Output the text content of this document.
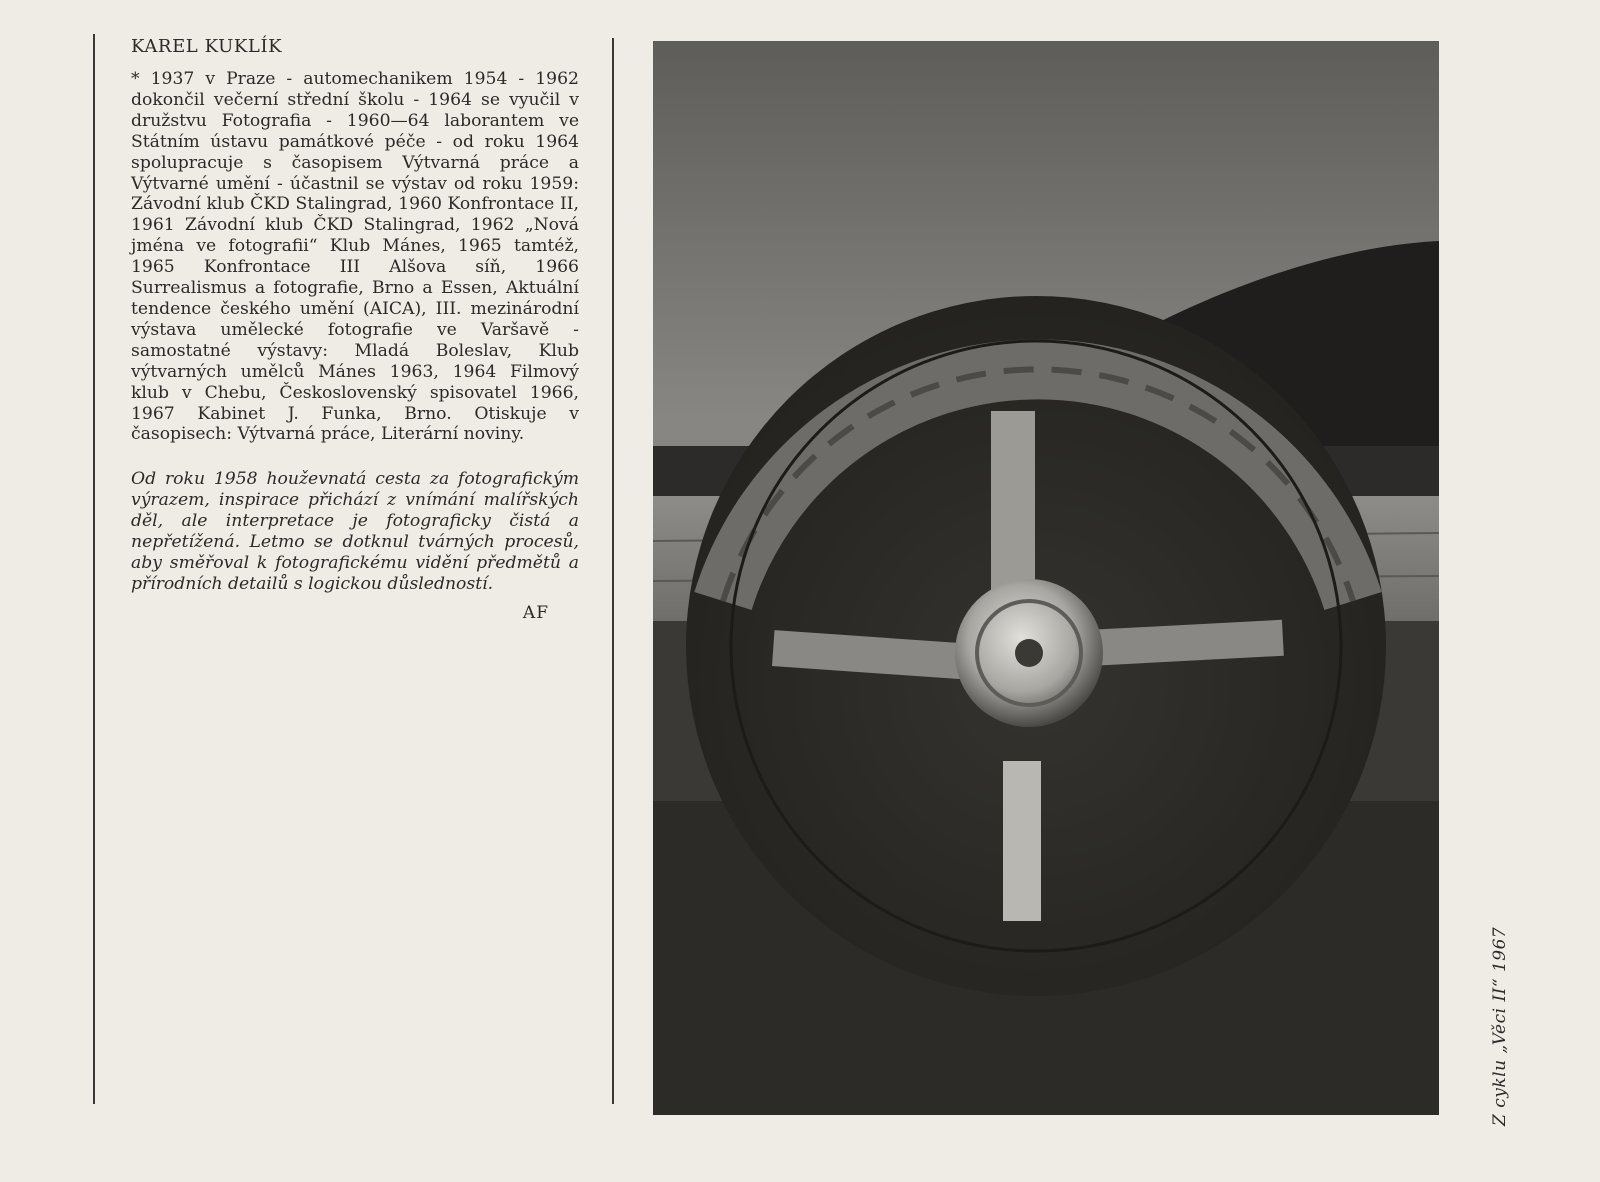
KAREL KUKLÍK

* 1937 v Praze - automechanikem 1954 - 1962 dokončil večerní střední školu - 1964 se vyučil v družstvu Fotografia - 1960—64 laborantem ve Státním ústavu památkové péče - od roku 1964 spolupracuje s časopisem Výtvarná práce a Výtvarné umění - účastnil se výstav od roku 1959: Závodní klub ČKD Stalingrad, 1960 Konfrontace II, 1961 Závodní klub ČKD Stalingrad, 1962 „Nová jména ve fotografii“ Klub Mánes, 1965 tamtéž, 1965 Konfrontace III Alšova síň, 1966 Surrealismus a fotografie, Brno a Essen, Aktuální tendence českého umění (AICA), III. mezinárodní výstava umělecké fotografie ve Varšavě - samostatné výstavy: Mladá Boleslav, Klub výtvarných umělců Mánes 1963, 1964 Filmový klub v Chebu, Československý spisovatel 1966, 1967 Kabinet J. Funka, Brno. Otiskuje v časopisech: Výtvarná práce, Literární noviny.

Od roku 1958 houževnatá cesta za fotografickým výrazem, inspirace přichází z vnímání malířských děl, ale interpretace je fotograficky čistá a nepřetížená. Letmo se dotknul tvárných procesů, aby směřoval k fotografickému vidění předmětů a přírodních detailů s logickou důsledností.

AF
Z cyklu „Věci II“ 1967
